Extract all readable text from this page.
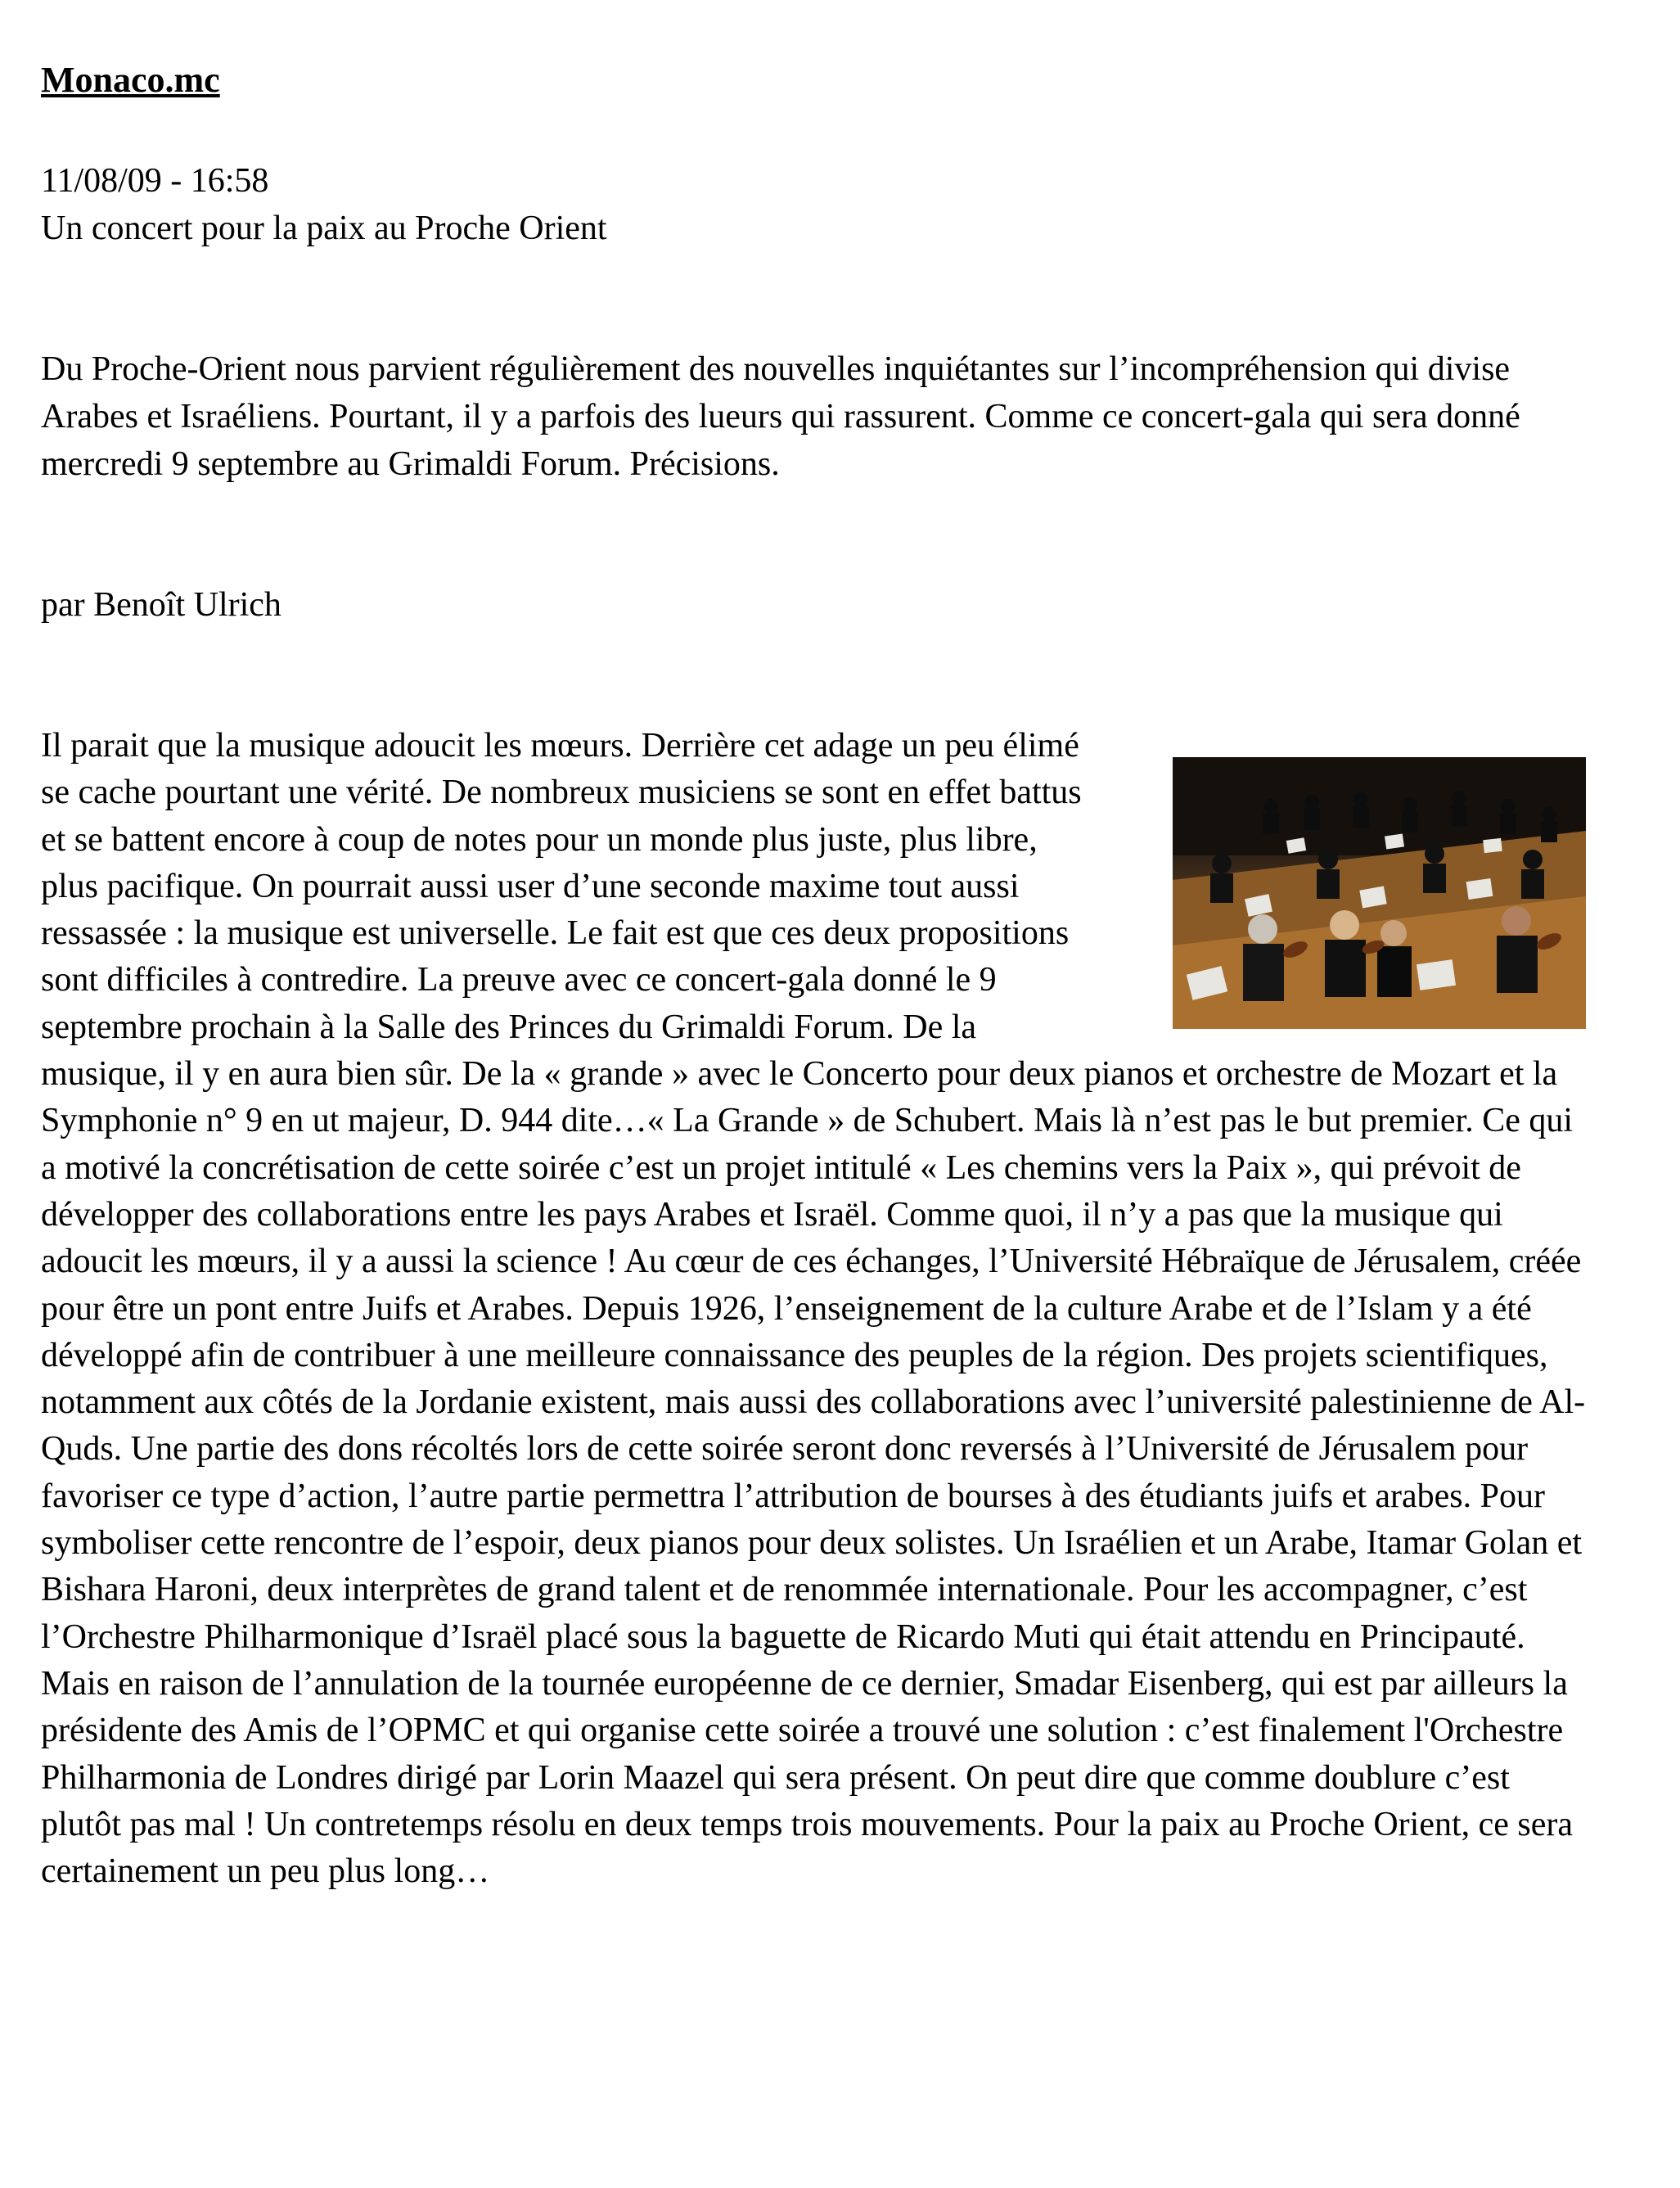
Monaco.mc
11/08/09 - 16:58
Un concert pour la paix au Proche Orient

Du Proche-Orient nous parvient régulièrement des nouvelles inquiétantes sur l’incompréhension qui divise Arabes et Israéliens. Pourtant, il y a parfois des lueurs qui rassurent. Comme ce concert-gala qui sera donné mercredi 9 septembre au Grimaldi Forum. Précisions.

par Benoît Ulrich

Il parait que la musique adoucit les mœurs. Derrière cet adage un peu élimé se cache pourtant une vérité. De nombreux musiciens se sont en effet battus et se battent encore à coup de notes pour un monde plus juste, plus libre, plus pacifique. On pourrait aussi user d’une seconde maxime tout aussi ressassée : la musique est universelle. Le fait est que ces deux propositions sont difficiles à contredire. La preuve avec ce concert-gala donné le 9 septembre prochain à la Salle des Princes du Grimaldi Forum. De la musique, il y en aura bien sûr. De la « grande » avec le Concerto pour deux pianos et orchestre de Mozart et la Symphonie n° 9 en ut majeur, D. 944 dite…« La Grande » de Schubert. Mais là n’est pas le but premier. Ce qui a motivé la concrétisation de cette soirée c’est un projet intitulé « Les chemins vers la Paix », qui prévoit de développer des collaborations entre les pays Arabes et Israël. Comme quoi, il n’y a pas que la musique qui adoucit les mœurs, il y a aussi la science ! Au cœur de ces échanges, l’Université Hébraïque de Jérusalem, créée pour être un pont entre Juifs et Arabes. Depuis 1926, l’enseignement de la culture Arabe et de l’Islam y a été développé afin de contribuer à une meilleure connaissance des peuples de la région. Des projets scientifiques, notamment aux côtés de la Jordanie existent, mais aussi des collaborations avec l’université palestinienne de Al-Quds. Une partie des dons récoltés lors de cette soirée seront donc reversés à l’Université de Jérusalem pour favoriser ce type d’action, l’autre partie permettra l’attribution de bourses à des étudiants juifs et arabes. Pour symboliser cette rencontre de l’espoir, deux pianos pour deux solistes. Un Israélien et un Arabe, Itamar Golan et Bishara Haroni, deux interprètes de grand talent et de renommée internationale. Pour les accompagner, c’est l’Orchestre Philharmonique d’Israël placé sous la baguette de Ricardo Muti qui était attendu en Principauté. Mais en raison de l’annulation de la tournée européenne de ce dernier, Smadar Eisenberg, qui est par ailleurs la présidente des Amis de l’OPMC et qui organise cette soirée a trouvé une solution : c’est finalement l'Orchestre Philharmonia de Londres dirigé par Lorin Maazel qui sera présent. On peut dire que comme doublure c’est plutôt pas mal ! Un contretemps résolu en deux temps trois mouvements. Pour la paix au Proche Orient, ce sera certainement un peu plus long…
